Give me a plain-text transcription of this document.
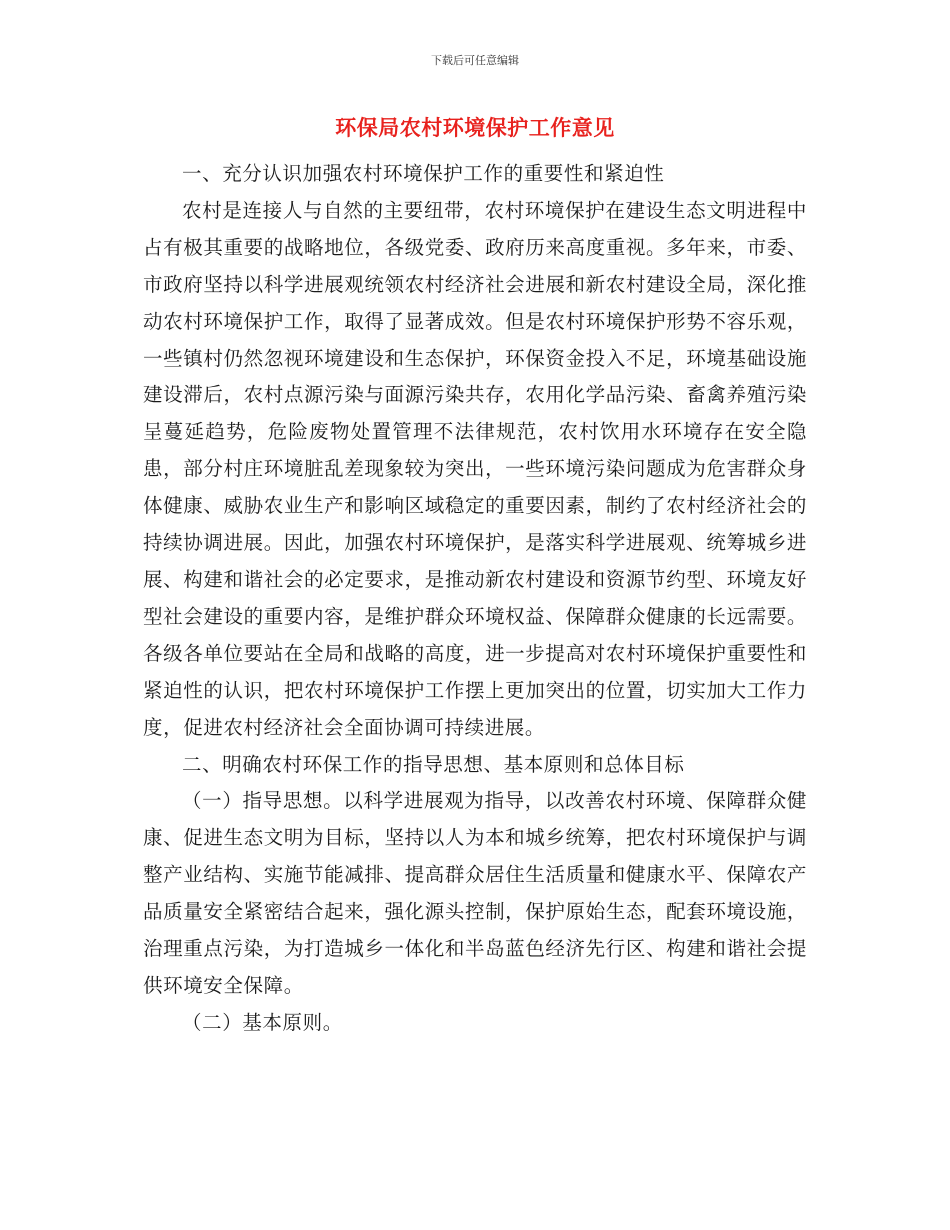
下载后可任意编辑
环保局农村环境保护工作意见

一、充分认识加强农村环境保护工作的重要性和紧迫性

农村是连接人与自然的主要纽带，农村环境保护在建设生态文明进程中占有极其重要的战略地位，各级党委、政府历来高度重视。多年来，市委、市政府坚持以科学进展观统领农村经济社会进展和新农村建设全局，深化推动农村环境保护工作，取得了显著成效。但是农村环境保护形势不容乐观，一些镇村仍然忽视环境建设和生态保护，环保资金投入不足，环境基础设施建设滞后，农村点源污染与面源污染共存，农用化学品污染、畜禽养殖污染呈蔓延趋势，危险废物处置管理不法律规范，农村饮用水环境存在安全隐患，部分村庄环境脏乱差现象较为突出，一些环境污染问题成为危害群众身体健康、威胁农业生产和影响区域稳定的重要因素，制约了农村经济社会的持续协调进展。因此，加强农村环境保护，是落实科学进展观、统筹城乡进展、构建和谐社会的必定要求，是推动新农村建设和资源节约型、环境友好型社会建设的重要内容，是维护群众环境权益、保障群众健康的长远需要。各级各单位要站在全局和战略的高度，进一步提高对农村环境保护重要性和紧迫性的认识，把农村环境保护工作摆上更加突出的位置，切实加大工作力度，促进农村经济社会全面协调可持续进展。

二、明确农村环保工作的指导思想、基本原则和总体目标

（一）指导思想。以科学进展观为指导，以改善农村环境、保障群众健康、促进生态文明为目标，坚持以人为本和城乡统筹，把农村环境保护与调整产业结构、实施节能减排、提高群众居住生活质量和健康水平、保障农产品质量安全紧密结合起来，强化源头控制，保护原始生态，配套环境设施，治理重点污染，为打造城乡一体化和半岛蓝色经济先行区、构建和谐社会提供环境安全保障。

（二）基本原则。
